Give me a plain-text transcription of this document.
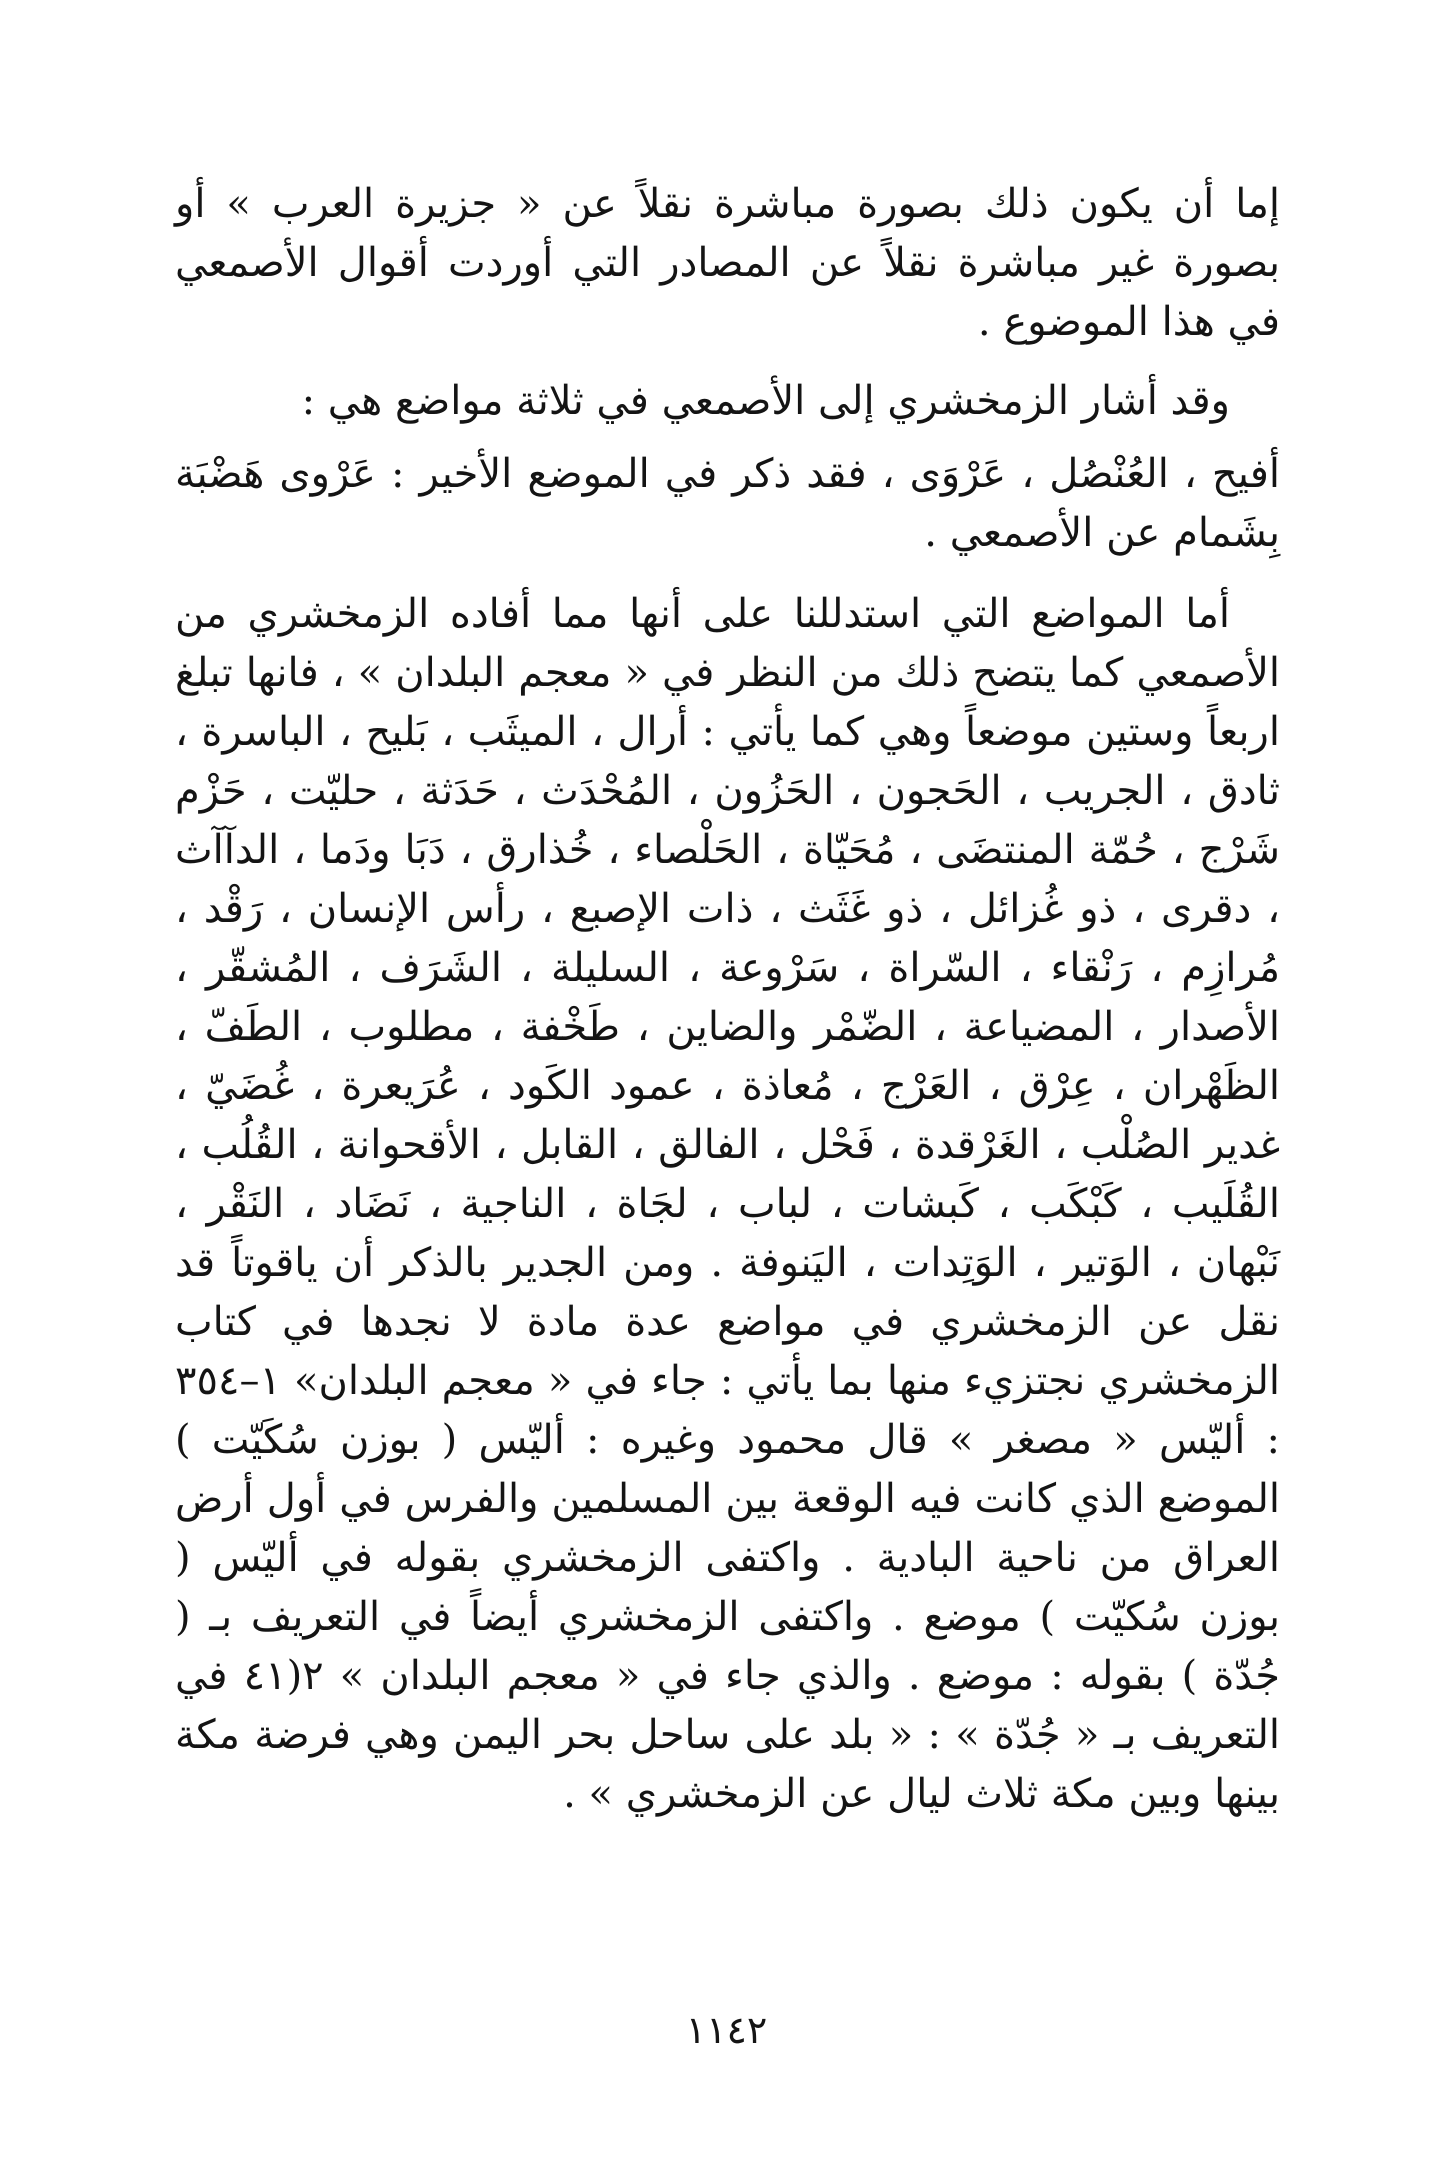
إما أن يكون ذلك بصورة مباشرة نقلاً عن « جزيرة العرب » أو بصورة غير مباشرة نقلاً عن المصادر التي أوردت أقوال الأصمعي في هذا الموضوع .

وقد أشار الزمخشري إلى الأصمعي في ثلاثة مواضع هي :

أفيح ، العُنْصُل ، عَرْوَى ، فقد ذكر في الموضع الأخير : عَرْوى هَضْبَة بِشَمام عن الأصمعي .

أما المواضع التي استدللنا على أنها مما أفاده الزمخشري من الأصمعي كما يتضح ذلك من النظر في « معجم البلدان » ، فانها تبلغ اربعاً وستين موضعاً وهي كما يأتي : أرال ، الميثَب ، بَليح ، الباسرة ، ثادق ، الجريب ، الحَجون ، الحَزُون ، المُحْدَث ، حَدَثة ، حليّت ، حَزْم شَرْج ، حُمّة المنتضَى ، مُحَيّاة ، الحَلْصاء ، خُذارق ، دَبَا ودَما ، الدآآث ، دقرى ، ذو غُزائل ، ذو غَثَث ، ذات الإصبع ، رأس الإنسان ، رَقْد ، مُرازِم ، رَنْقاء ، السّراة ، سَرْوعة ، السليلة ، الشَرَف ، المُشقّر ، الأصدار ، المضياعة ، الضّمْر والضاين ، طَخْفة ، مطلوب ، الطَفّ ، الظَهْران ، عِرْق ، العَرْج ، مُعاذة ، عمود الكَود ، عُرَيعرة ، غُضَيّ ، غدير الصُلْب ، الغَرْقدة ، فَحْل ، الفالق ، القابل ، الأقحوانة ، القُلُب ، القُلَيب ، كَبْكَب ، كَبشات ، لباب ، لجَاة ، الناجية ، نَضَاد ، النَقْر ، نَبْهان ، الوَتير ، الوَتِدات ، اليَنوفة . ومن الجدير بالذكر أن ياقوتاً قد نقل عن الزمخشري في مواضع عدة مادة لا نجدها في كتاب الزمخشري نجتزيء منها بما يأتي : جاء في « معجم البلدان» ١–٣٥٤ : أليّس « مصغر » قال محمود وغيره : أليّس ( بوزن سُكَيّت ) الموضع الذي كانت فيه الوقعة بين المسلمين والفرس في أول أرض العراق من ناحية البادية . واكتفى الزمخشري بقوله في أليّس ( بوزن سُكيّت ) موضع . واكتفى الزمخشري أيضاً في التعريف بـ ( جُدّة ) بقوله : موضع . والذي جاء في « معجم البلدان » ٢(٤١ في التعريف بـ « جُدّة » : « بلد على ساحل بحر اليمن وهي فرضة مكة بينها وبين مكة ثلاث ليال عن الزمخشري » .

١١٤٢
